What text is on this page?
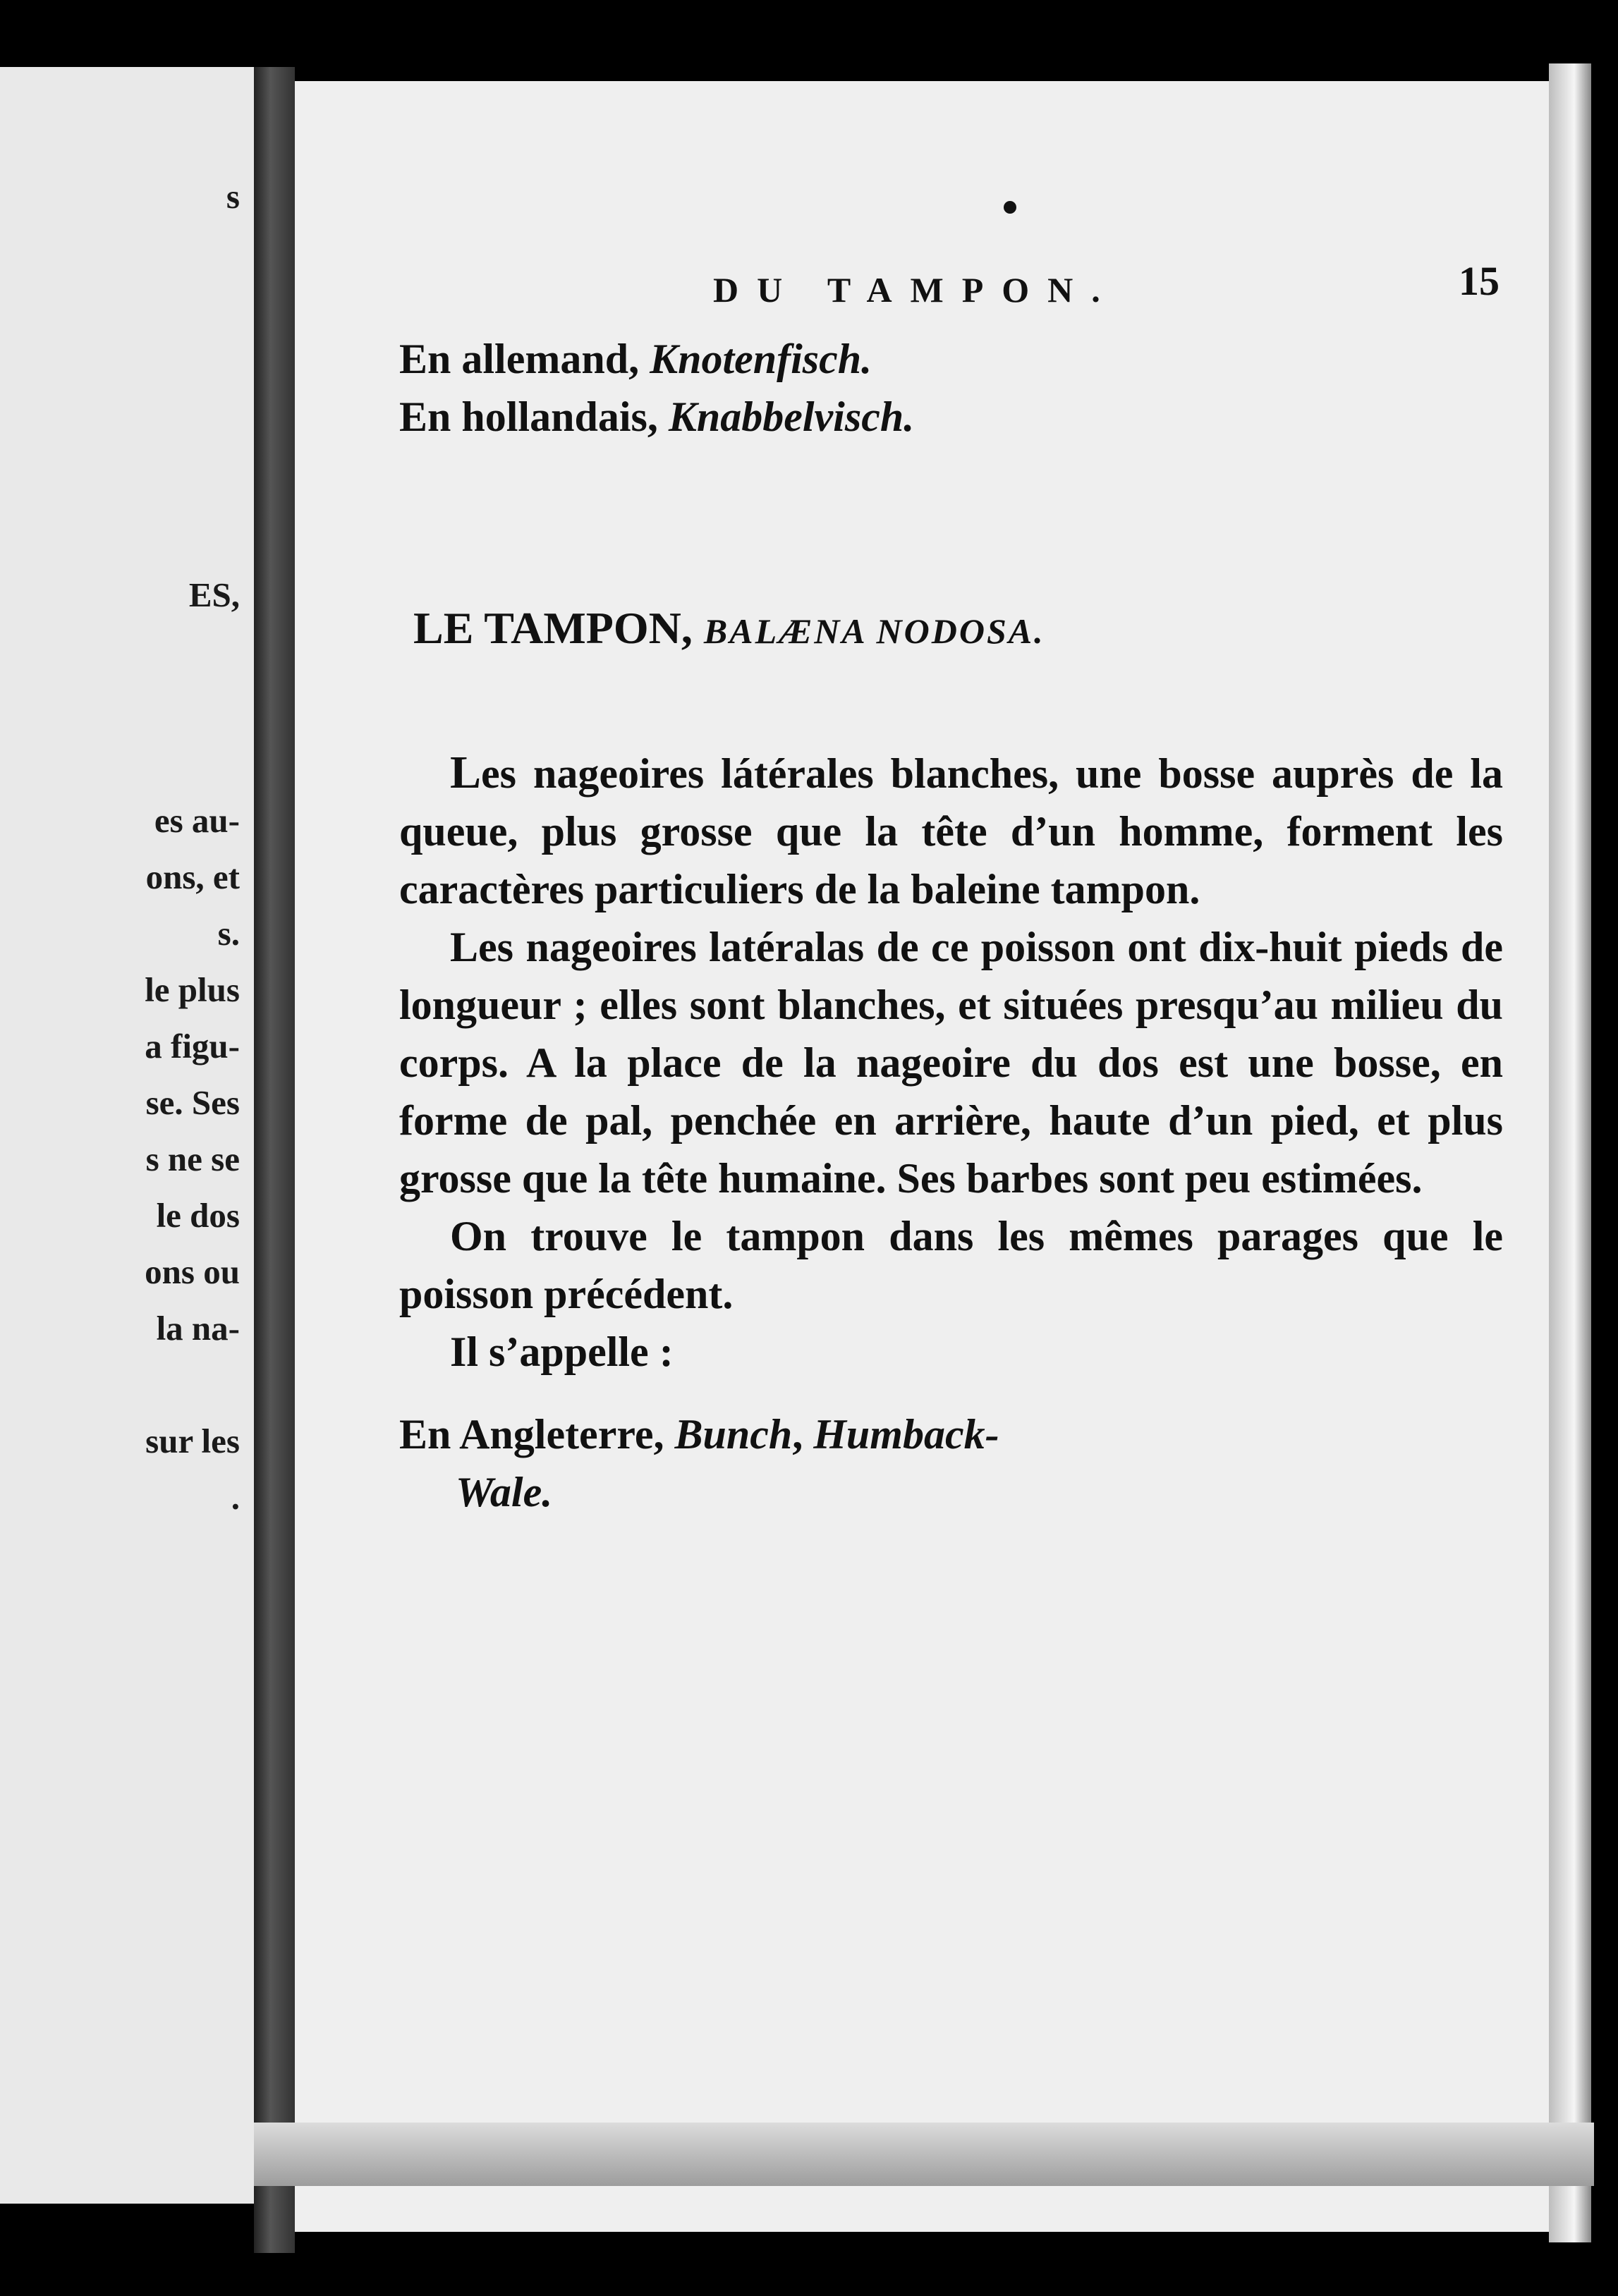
s
ES,
es au-
ons, et
s.
le plus
a figu-
se. Ses
s ne se
le dos
ons ou
la na-
sur les
.
DU TAMPON.	15
En allemand, Knotenfisch.
En hollandais, Knabbelvisch.
LE TAMPON, BALÆNA NODOSA.

Les nageoires látérales blanches, une bosse auprès de la queue, plus grosse que la tête d’un homme, forment les caractères particuliers de la baleine tampon.

Les nageoires latéralas de ce poisson ont dix-huit pieds de longueur ; elles sont blanches, et situées presqu’au milieu du corps. A la place de la nageoire du dos est une bosse, en forme de pal, penchée en arrière, haute d’un pied, et plus grosse que la tête humaine. Ses barbes sont peu estimées.

On trouve le tampon dans les mêmes parages que le poisson précédent.

Il s’appelle :

En Angleterre, Bunch, Humback-
Wale.
